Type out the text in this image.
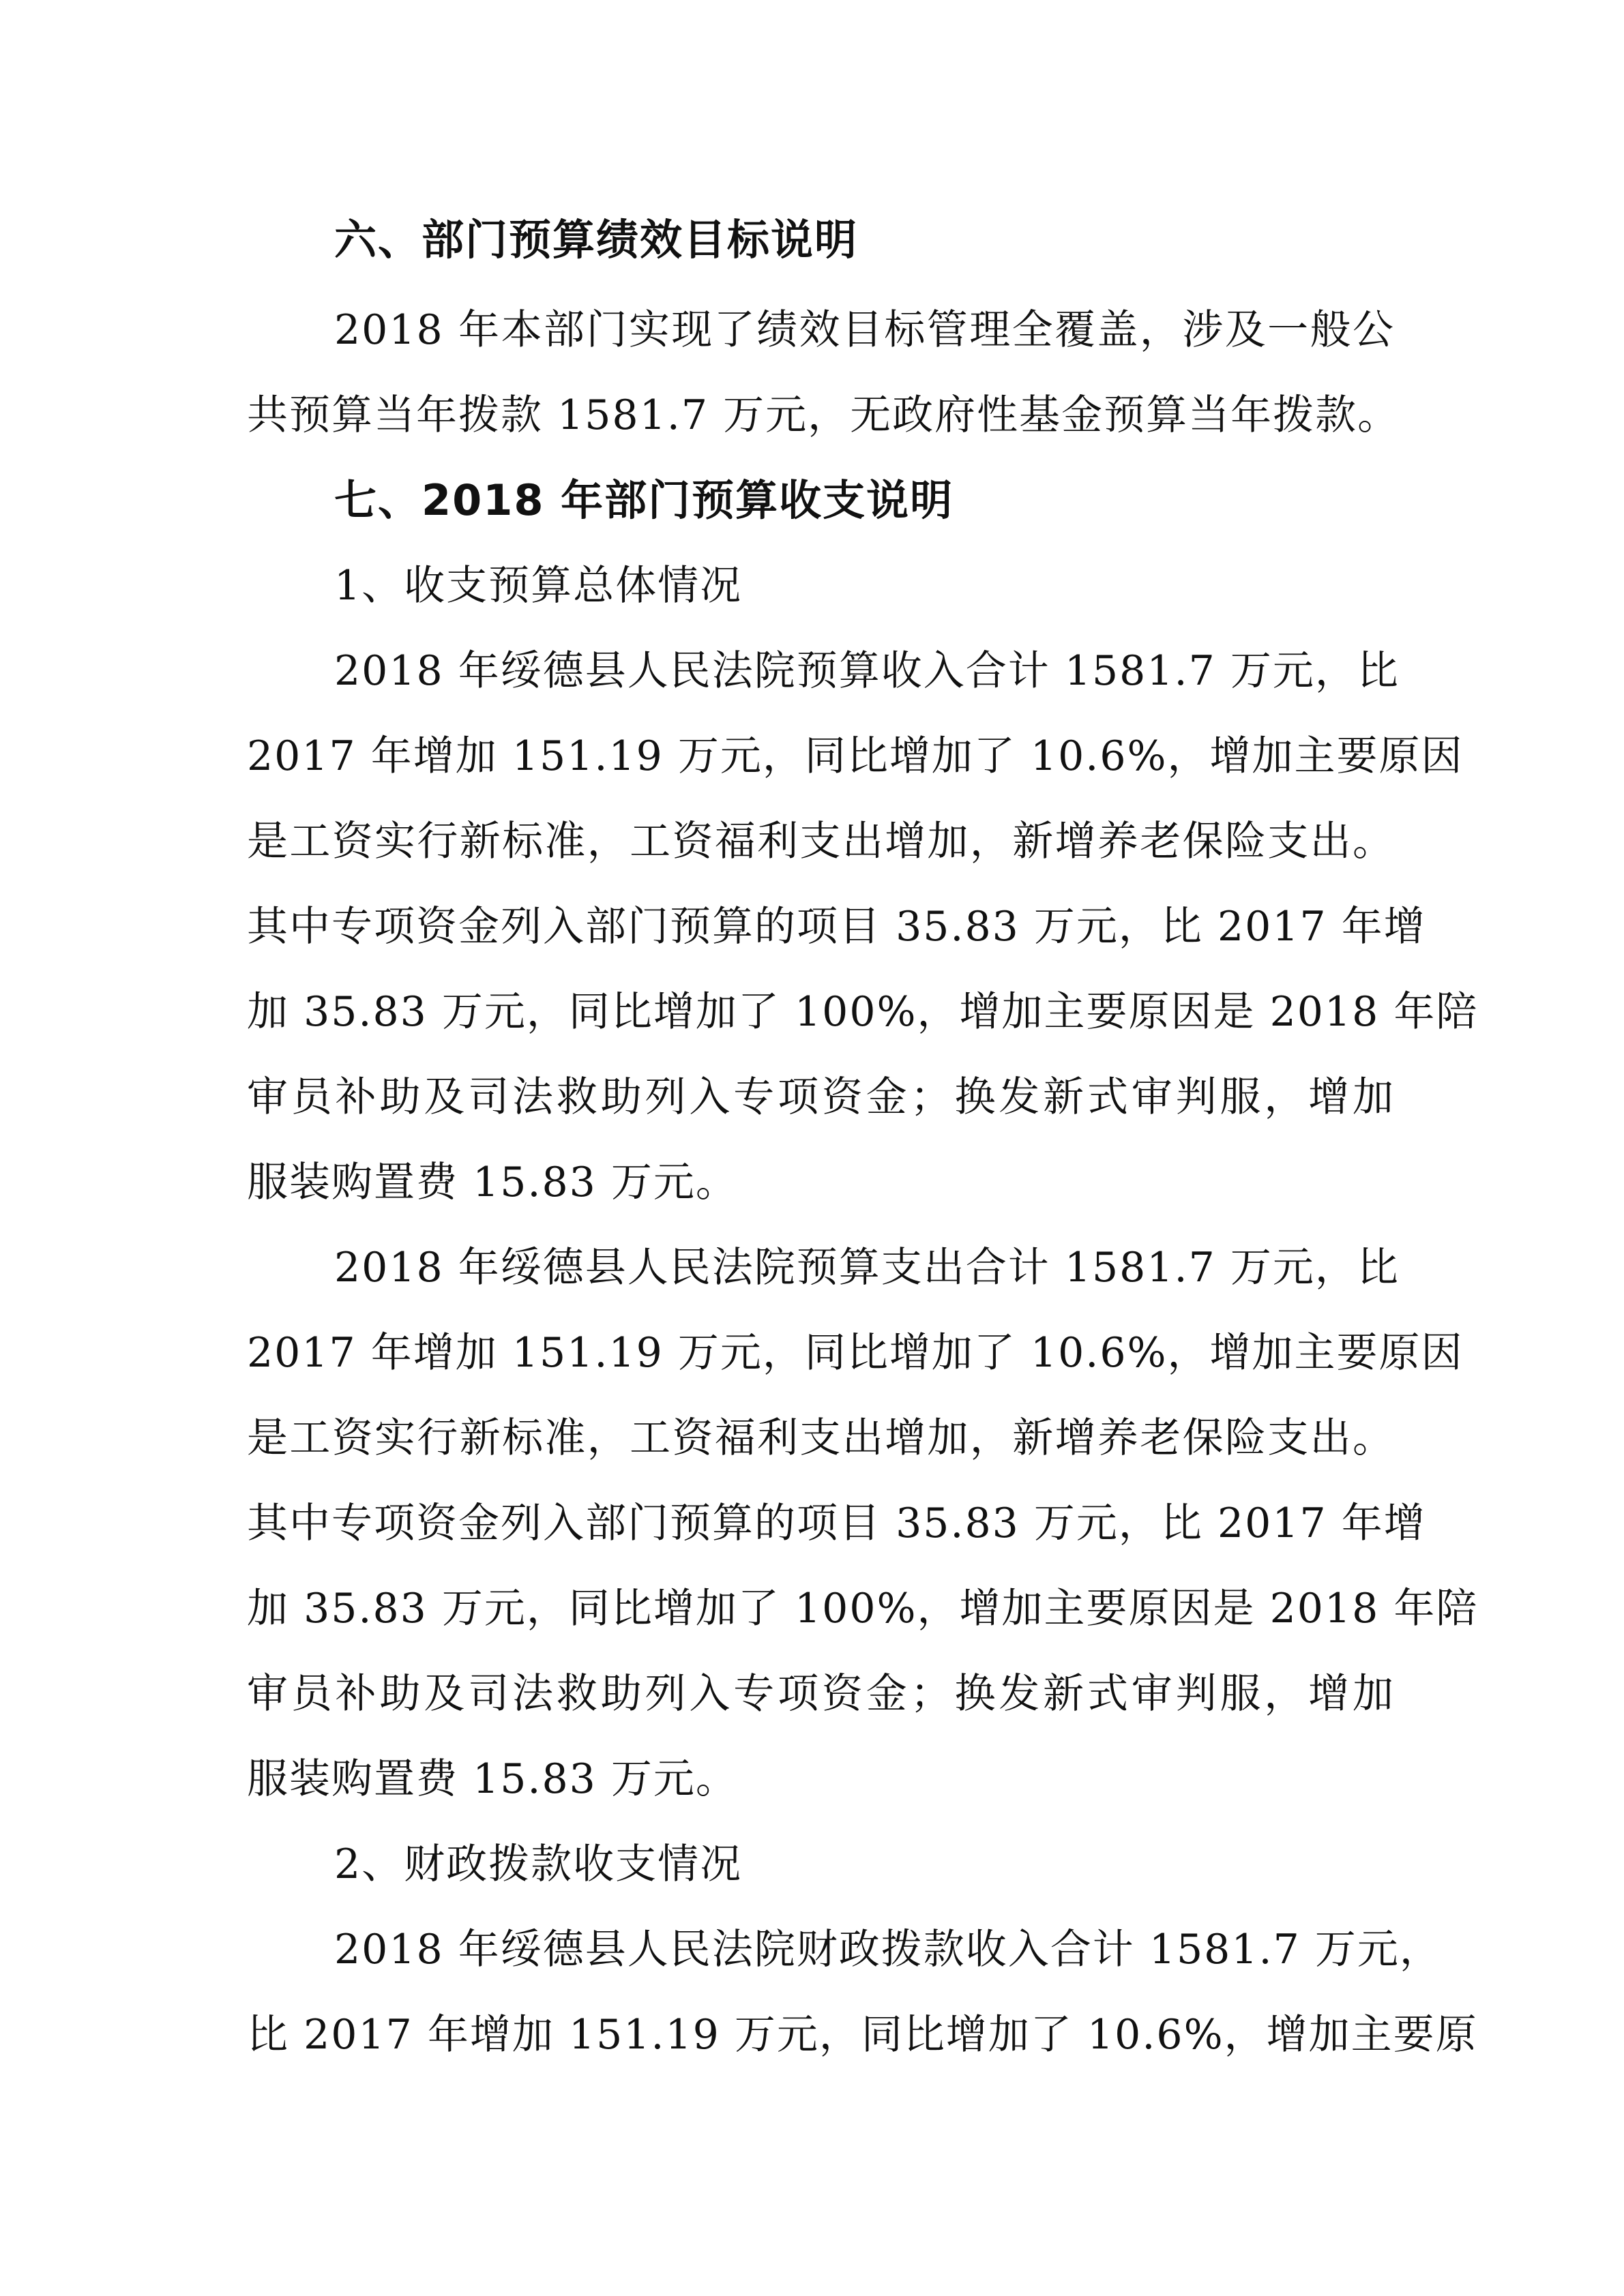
六、部门预算绩效目标说明
2018 年本部门实现了绩效目标管理全覆盖，涉及一般公
共预算当年拨款 1581.7 万元，无政府性基金预算当年拨款。
七、2018 年部门预算收支说明
1、收支预算总体情况
2018 年绥德县人民法院预算收入合计 1581.7 万元，比
2017 年增加 151.19 万元，同比增加了 10.6%，增加主要原因
是工资实行新标准，工资福利支出增加，新增养老保险支出。
其中专项资金列入部门预算的项目 35.83 万元，比 2017 年增
加 35.83 万元，同比增加了 100%，增加主要原因是 2018 年陪
审员补助及司法救助列入专项资金；换发新式审判服，增加
服装购置费 15.83 万元。
2018 年绥德县人民法院预算支出合计 1581.7 万元，比
2017 年增加 151.19 万元，同比增加了 10.6%，增加主要原因
是工资实行新标准，工资福利支出增加，新增养老保险支出。
其中专项资金列入部门预算的项目 35.83 万元，比 2017 年增
加 35.83 万元，同比增加了 100%，增加主要原因是 2018 年陪
审员补助及司法救助列入专项资金；换发新式审判服，增加
服装购置费 15.83 万元。
2、财政拨款收支情况
2018 年绥德县人民法院财政拨款收入合计 1581.7 万元，
比 2017 年增加 151.19 万元，同比增加了 10.6%，增加主要原
